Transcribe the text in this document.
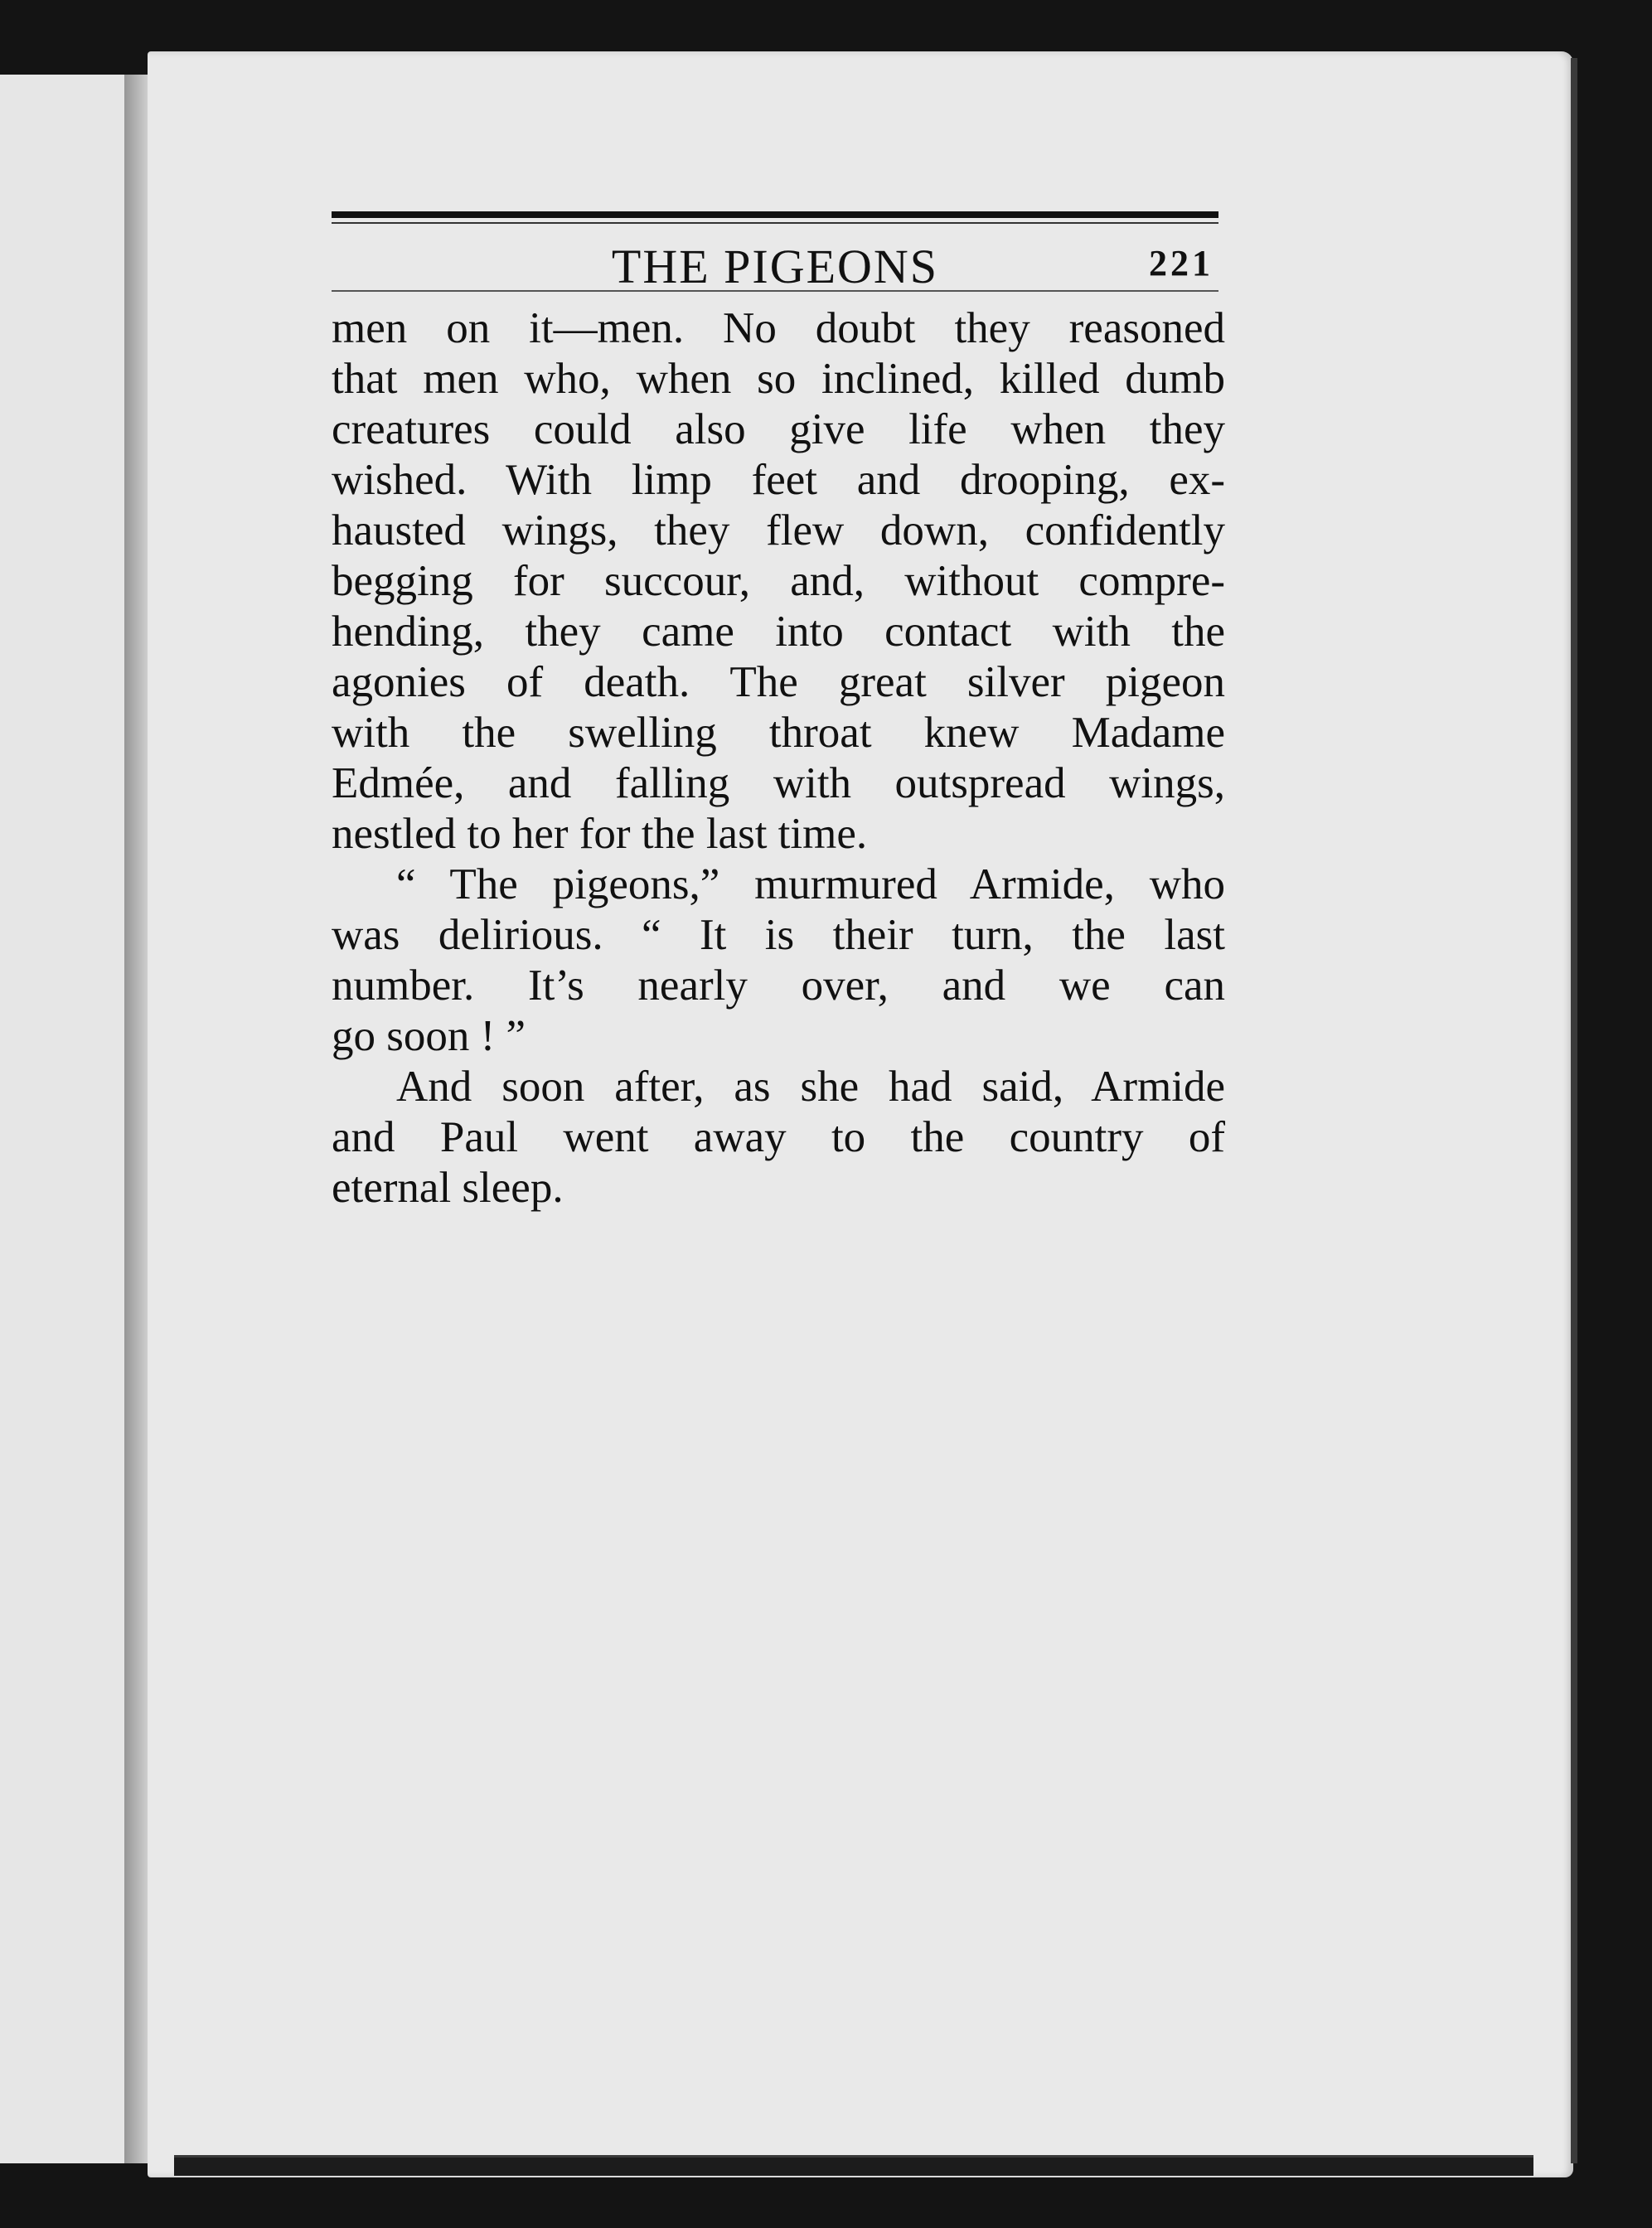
THE PIGEONS	221
men on it—men. No doubt they reasoned
that men who, when so inclined, killed dumb
creatures could also give life when they
wished. With limp feet and drooping, ex-
hausted wings, they flew down, confidently
begging for succour, and, without compre-
hending, they came into contact with the
agonies of death. The great silver pigeon
with the swelling throat knew Madame
Edmée, and falling with outspread wings,
nestled to her for the last time.
“ The pigeons,” murmured Armide, who
was delirious. “ It is their turn, the last
number. It’s nearly over, and we can
go soon ! ”
And soon after, as she had said, Armide
and Paul went away to the country of
eternal sleep.
